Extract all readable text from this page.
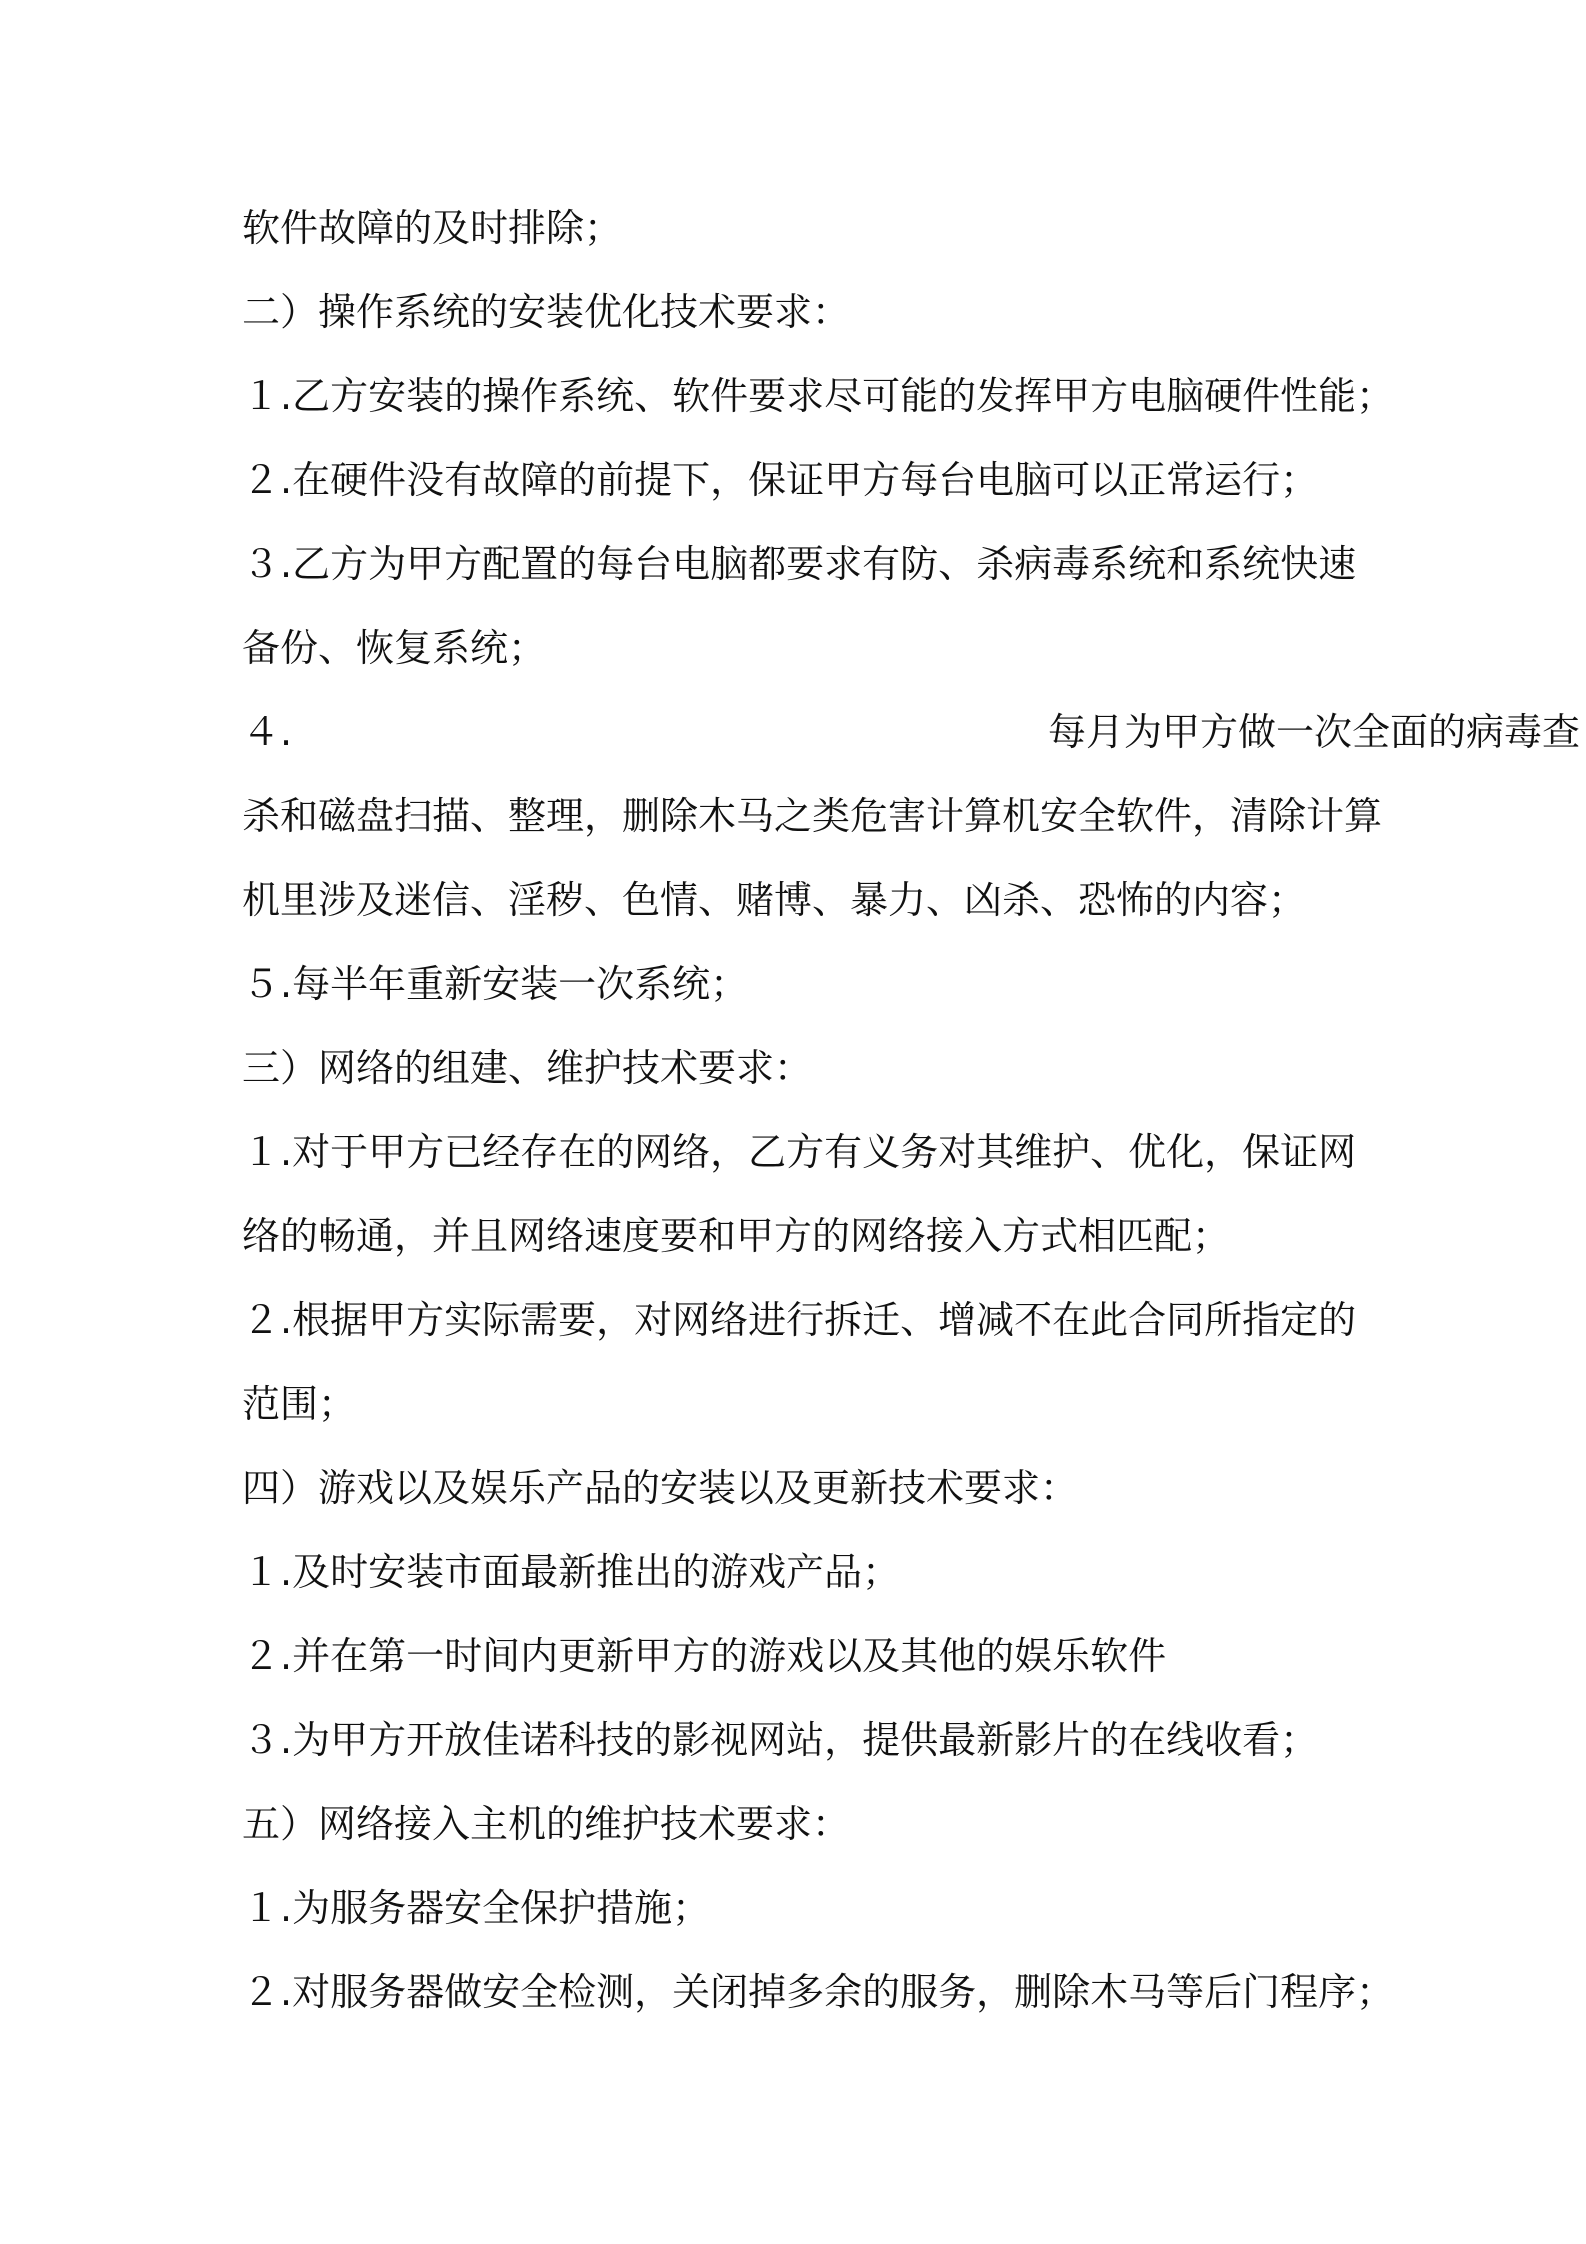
软件故障的及时排除；
二）操作系统的安装优化技术要求：
１.乙方安装的操作系统、软件要求尽可能的发挥甲方电脑硬件性能；
２.在硬件没有故障的前提下，保证甲方每台电脑可以正常运行；
３.乙方为甲方配置的每台电脑都要求有防、杀病毒系统和系统快速
备份、恢复系统；
４.	每月为甲方做一次全面的病毒查
杀和磁盘扫描、整理，删除木马之类危害计算机安全软件，清除计算
机里涉及迷信、淫秽、色情、赌博、暴力、凶杀、恐怖的内容；
５.每半年重新安装一次系统；
三）网络的组建、维护技术要求：
１.对于甲方已经存在的网络，乙方有义务对其维护、优化，保证网
络的畅通，并且网络速度要和甲方的网络接入方式相匹配；
２.根据甲方实际需要，对网络进行拆迁、增减不在此合同所指定的
范围；
四）游戏以及娱乐产品的安装以及更新技术要求：
１.及时安装市面最新推出的游戏产品；
２.并在第一时间内更新甲方的游戏以及其他的娱乐软件
３.为甲方开放佳诺科技的影视网站，提供最新影片的在线收看；
五）网络接入主机的维护技术要求：
１.为服务器安全保护措施；
２.对服务器做安全检测，关闭掉多余的服务，删除木马等后门程序；
